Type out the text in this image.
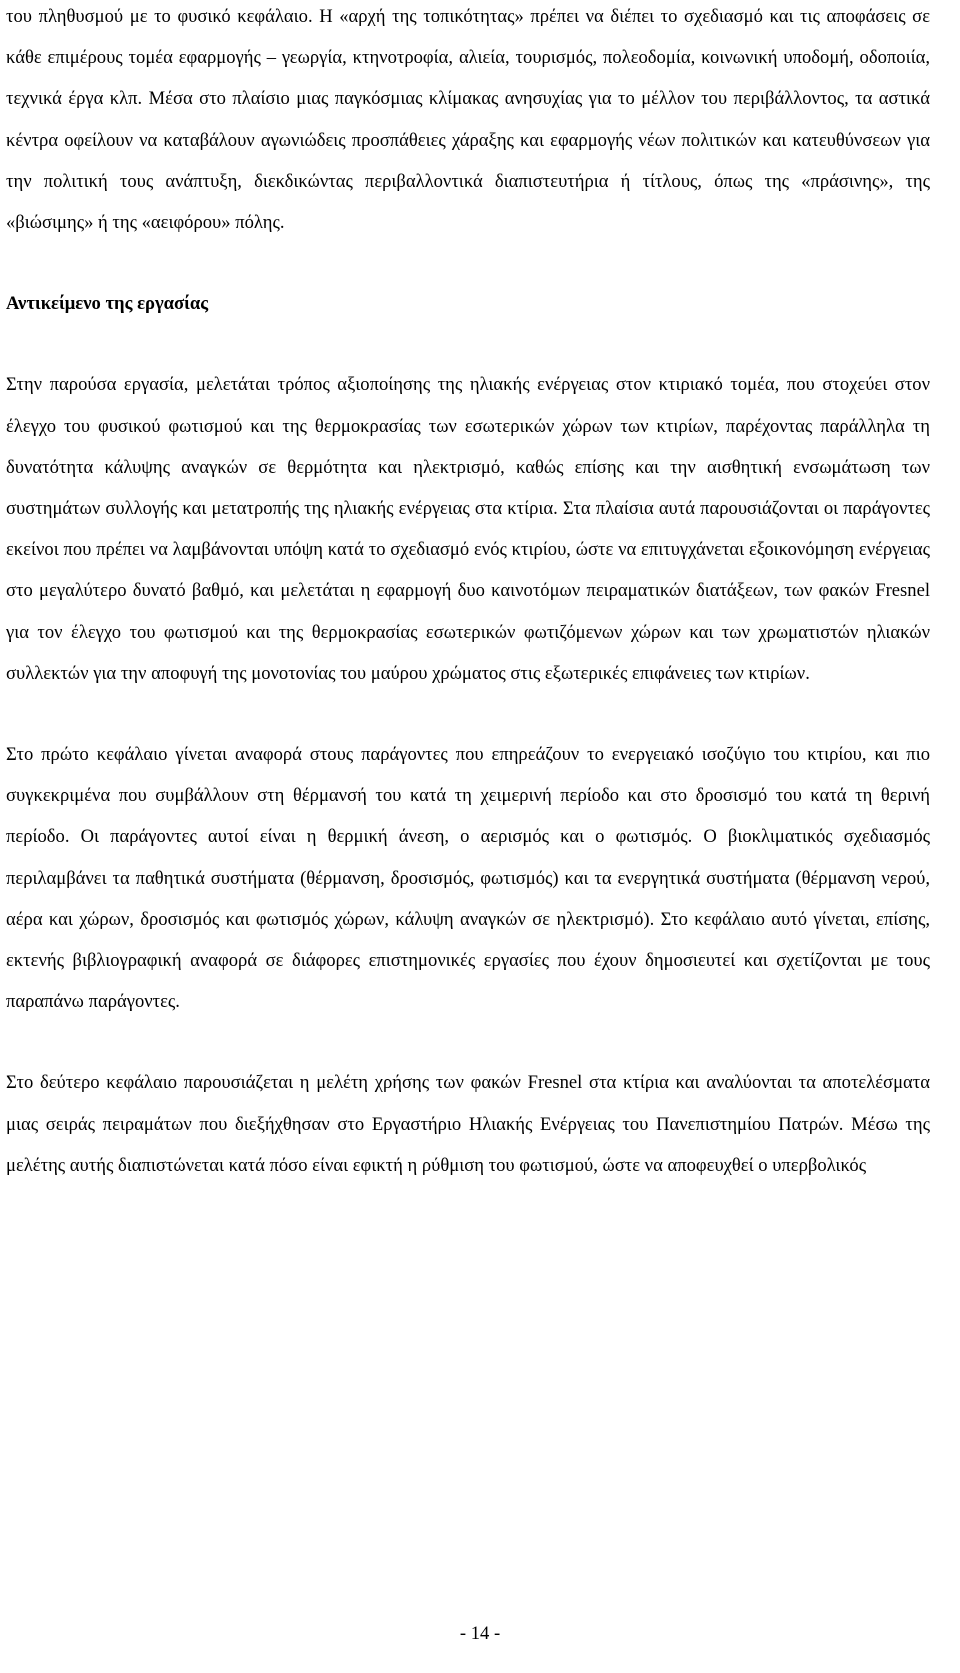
του πληθυσμού με το φυσικό κεφάλαιο. Η «αρχή της τοπικότητας» πρέπει να διέπει το σχεδιασμό και τις αποφάσεις σε κάθε επιμέρους τομέα εφαρμογής – γεωργία, κτηνοτροφία, αλιεία, τουρισμός, πολεοδομία, κοινωνική υποδομή, οδοποιία, τεχνικά έργα κλπ. Μέσα στο πλαίσιο μιας παγκόσμιας κλίμακας ανησυχίας για το μέλλον του περιβάλλοντος, τα αστικά κέντρα οφείλουν να καταβάλουν αγωνιώδεις προσπάθειες χάραξης και εφαρμογής νέων πολιτικών και κατευθύνσεων για την πολιτική τους ανάπτυξη, διεκδικώντας περιβαλλοντικά διαπιστευτήρια ή τίτλους, όπως της «πράσινης», της «βιώσιμης» ή της «αειφόρου» πόλης.

Αντικείμενο της εργασίας

Στην παρούσα εργασία, μελετάται τρόπος αξιοποίησης της ηλιακής ενέργειας στον κτιριακό τομέα, που στοχεύει στον έλεγχο του φυσικού φωτισμού και της θερμοκρασίας των εσωτερικών χώρων των κτιρίων, παρέχοντας παράλληλα τη δυνατότητα κάλυψης αναγκών σε θερμότητα και ηλεκτρισμό, καθώς επίσης και την αισθητική ενσωμάτωση των συστημάτων συλλογής και μετατροπής της ηλιακής ενέργειας στα κτίρια. Στα πλαίσια αυτά παρουσιάζονται οι παράγοντες εκείνοι που πρέπει να λαμβάνονται υπόψη κατά το σχεδιασμό ενός κτιρίου, ώστε να επιτυγχάνεται εξοικονόμηση ενέργειας στο μεγαλύτερο δυνατό βαθμό, και μελετάται η εφαρμογή δυο καινοτόμων πειραματικών διατάξεων, των φακών Fresnel για τον έλεγχο του φωτισμού και της θερμοκρασίας εσωτερικών φωτιζόμενων χώρων και των χρωματιστών ηλιακών συλλεκτών για την αποφυγή της μονοτονίας του μαύρου χρώματος στις εξωτερικές επιφάνειες των κτιρίων.

Στο πρώτο κεφάλαιο γίνεται αναφορά στους παράγοντες που επηρεάζουν το ενεργειακό ισοζύγιο του κτιρίου, και πιο συγκεκριμένα που συμβάλλουν στη θέρμανσή του κατά τη χειμερινή περίοδο και στο δροσισμό του κατά τη θερινή περίοδο. Οι παράγοντες αυτοί είναι η θερμική άνεση, ο αερισμός και ο φωτισμός. Ο βιοκλιματικός σχεδιασμός περιλαμβάνει τα παθητικά συστήματα (θέρμανση, δροσισμός, φωτισμός) και τα ενεργητικά συστήματα (θέρμανση νερού, αέρα και χώρων, δροσισμός και φωτισμός χώρων, κάλυψη αναγκών σε ηλεκτρισμό). Στο κεφάλαιο αυτό γίνεται, επίσης, εκτενής βιβλιογραφική αναφορά σε διάφορες επιστημονικές εργασίες που έχουν δημοσιευτεί και σχετίζονται με τους παραπάνω παράγοντες.

Στο δεύτερο κεφάλαιο παρουσιάζεται η μελέτη χρήσης των φακών Fresnel στα κτίρια και αναλύονται τα αποτελέσματα μιας σειράς πειραμάτων που διεξήχθησαν στο Εργαστήριο Ηλιακής Ενέργειας του Πανεπιστημίου Πατρών. Μέσω της μελέτης αυτής διαπιστώνεται κατά πόσο είναι εφικτή η ρύθμιση του φωτισμού, ώστε να αποφευχθεί ο υπερβολικός

- 14 -
